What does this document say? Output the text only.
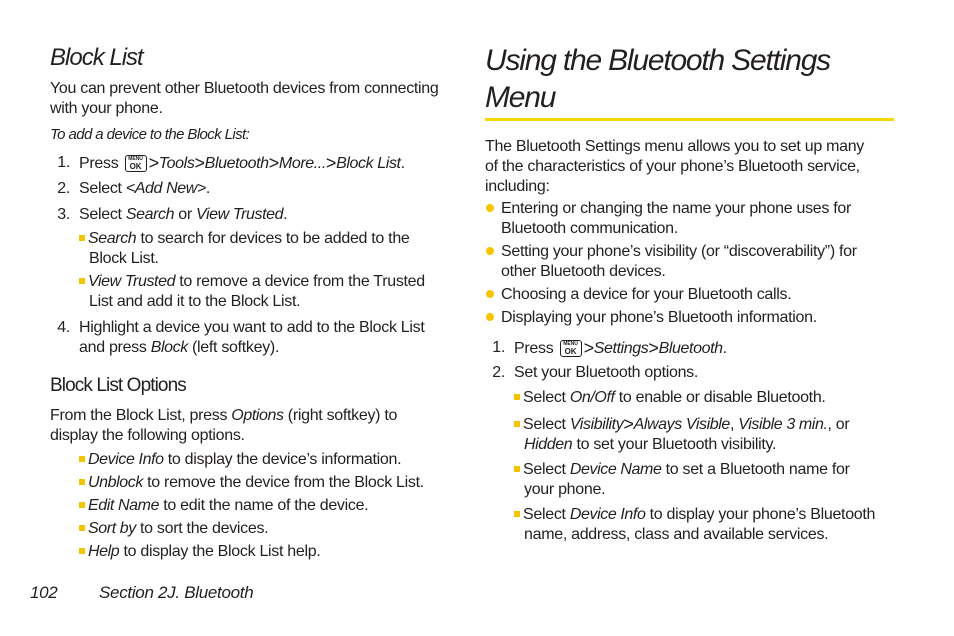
Block List
You can prevent other Bluetooth devices from connecting with your phone.
To add a device to the Block List:
1. Press	MENU
OK >Tools>Bluetooth>More...>Block List.
2. Select <Add New>.
3. Select Search or View Trusted.
Search to search for devices to be added to the
Block List.
View Trusted to remove a device from the Trusted
List and add it to the Block List.
4. Highlight a device you want to add to the Block List
and press Block (left softkey).
Block List Options
From the Block List, press Options (right softkey) to
display the following options.
Device Info to display the device’s information.
Unblock to remove the device from the Block List.
Edit Name to edit the name of the device.
Sort by to sort the devices.
Help to display the Block List help.
Using the Bluetooth Settings
Menu
The Bluetooth Settings menu allows you to set up many
of the characteristics of your phone’s Bluetooth service,
including:
Entering or changing the name your phone uses for
Bluetooth communication.
Setting your phone’s visibility (or “discoverability”) for
other Bluetooth devices.
Choosing a device for your Bluetooth calls.
Displaying your phone’s Bluetooth information.
1. Press	MENU
OK >Settings>Bluetooth.
2. Set your Bluetooth options.
Select On/Off to enable or disable Bluetooth.
Select Visibility>Always Visible, Visible 3 min., or
Hidden to set your Bluetooth visibility.
Select Device Name to set a Bluetooth name for
your phone.
Select Device Info to display your phone’s Bluetooth
name, address, class and available services.
102 Section 2J. Bluetooth
